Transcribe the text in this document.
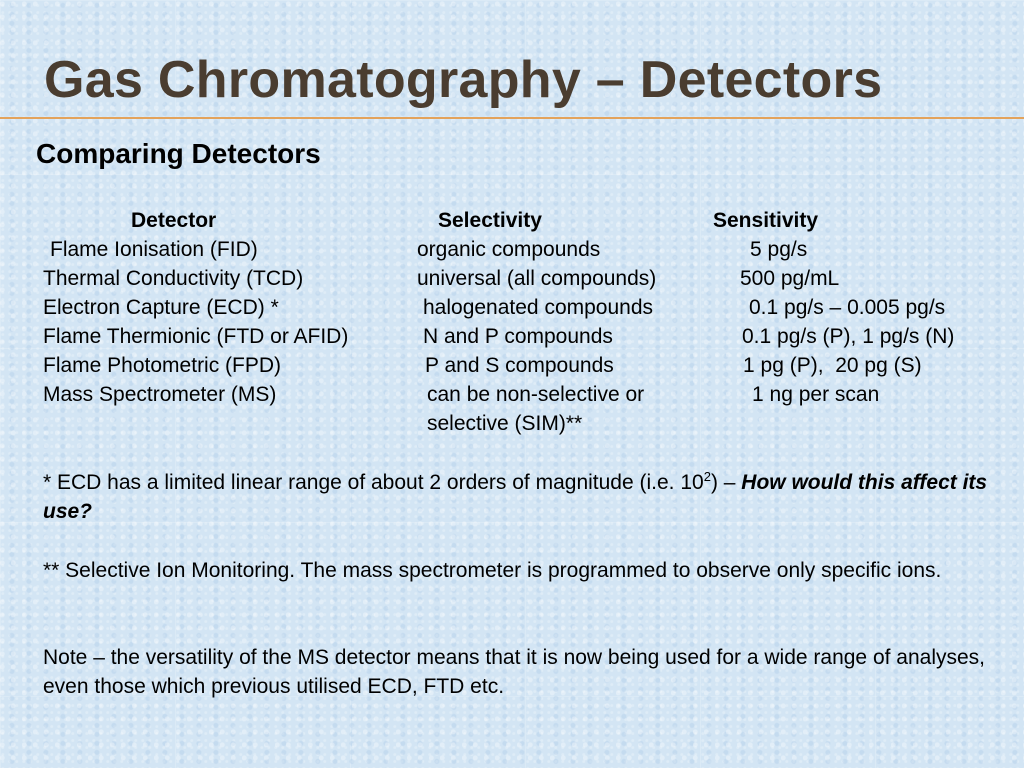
Gas Chromatography – Detectors
Comparing Detectors
Detector	Selectivity	Sensitivity
Flame Ionisation (FID)	organic compounds	5 pg/s
Thermal Conductivity (TCD)	universal (all compounds)	500 pg/mL
Electron Capture (ECD) *	halogenated compounds	0.1 pg/s – 0.005 pg/s
Flame Thermionic (FTD or AFID)	N and P compounds	0.1 pg/s (P), 1 pg/s (N)
Flame Photometric (FPD)	P and S compounds	1 pg (P),  20 pg (S)
Mass Spectrometer (MS)	can be non-selective or	1 ng per scan
selective (SIM)**
* ECD has a limited linear range of about 2 orders of magnitude (i.e. $10^2$) – How would this affect its use?
** Selective Ion Monitoring. The mass spectrometer is programmed to observe only specific ions.
Note – the versatility of the MS detector means that it is now being used for a wide range of analyses, even those which previous utilised ECD, FTD etc.
